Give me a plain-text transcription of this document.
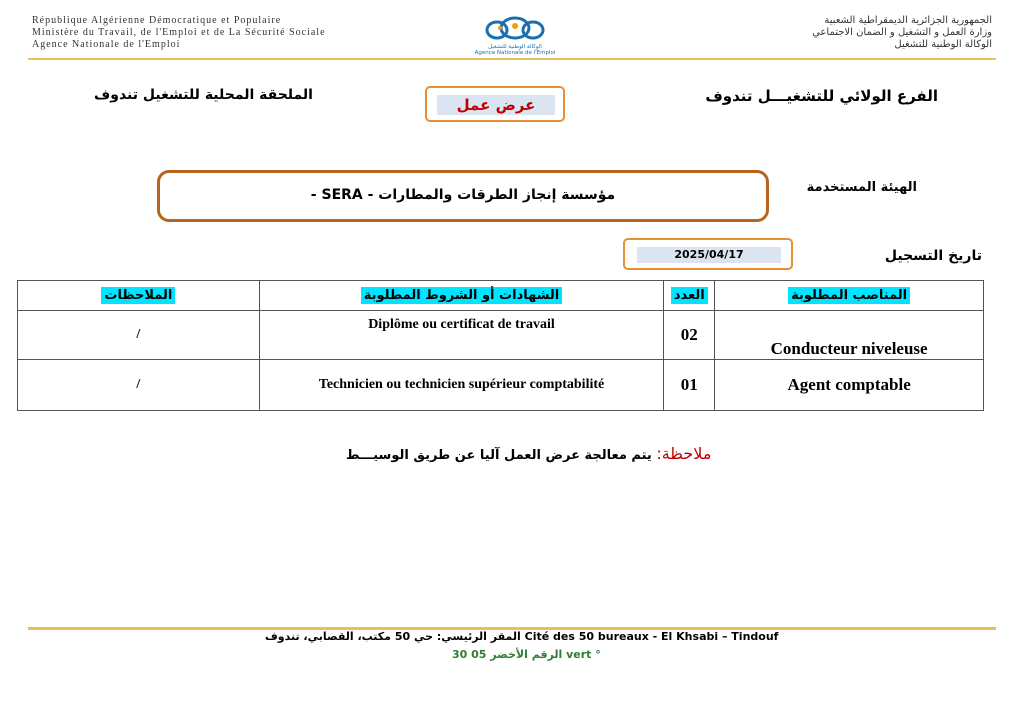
République Algérienne Démocratique et Populaire
Ministère du Travail, de l'Emploi et de La Sécurité Sociale
Agence Nationale de l'Emploi	الوكالة الوطنية للتشغيل
Agence Nationale de l'Emploi
الجمهورية الجزائرية الديمقراطية الشعبية
وزارة العمل و التشغيل و الضمان الاجتماعي
الوكالة الوطنية للتشغيل
الفرع الولائي للتشغيـــل تندوف
الملحقة المحلية للتشغيل تندوف
عرض عمل
الهيئة المستخدمة
مؤسسة إنجاز الطرقات والمطارات - SERA -
2025/04/17	تاريخ التسجيل
الملاحظات	الشهادات أو الشروط المطلوبة	العدد	المناصب المطلوبة
/	Diplôme ou certificat de travail	02	Conducteur niveleuse
/	Technicien ou technicien supérieur comptabilité	01	Agent comptable
ملاحظة: يتم معالجة عرض العمل آليا عن طريق الوسيـــط
المقر الرئيسي: حي 50 مكتب، القصابي، تندوف Cité des 50 bureaux - El Khsabi – Tindouf
الرقم الأخضر 05 30 vert °
